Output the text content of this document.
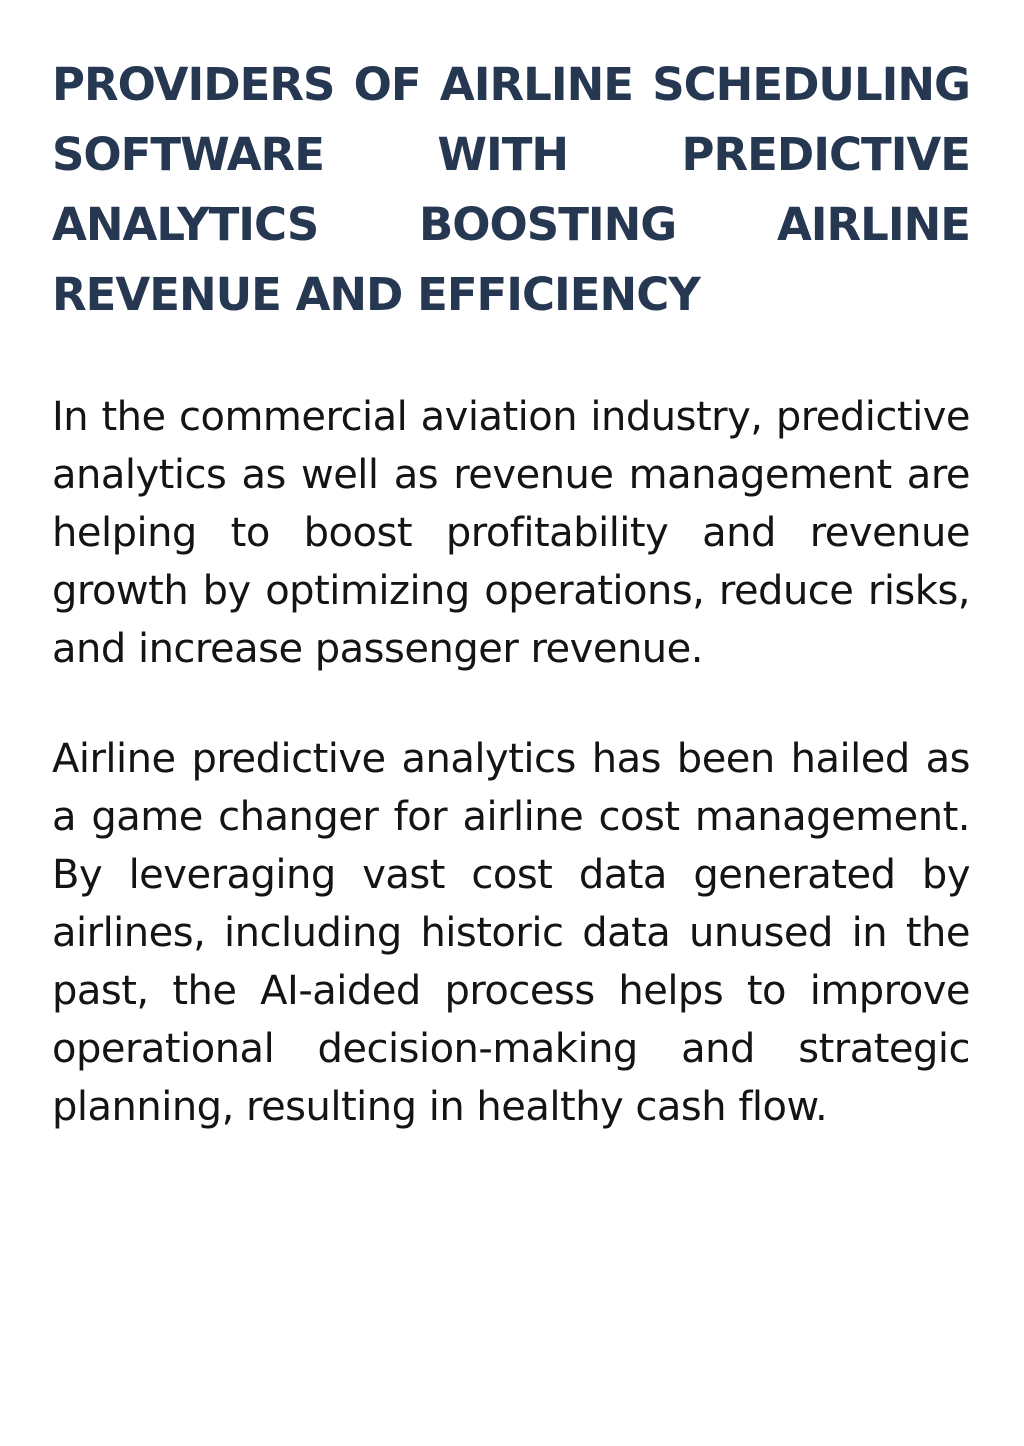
PROVIDERS OF AIRLINE SCHEDULING SOFTWARE WITH PREDICTIVE ANALYTICS BOOSTING AIRLINE REVENUE AND EFFICIENCY

In the commercial aviation industry, predictive analytics as well as revenue management are helping to boost profitability and revenue growth by optimizing operations, reduce risks, and increase passenger revenue.

Airline predictive analytics has been hailed as a game changer for airline cost management. By leveraging vast cost data generated by airlines, including historic data unused in the past, the AI-aided process helps to improve operational decision-making and strategic planning, resulting in healthy cash flow.
